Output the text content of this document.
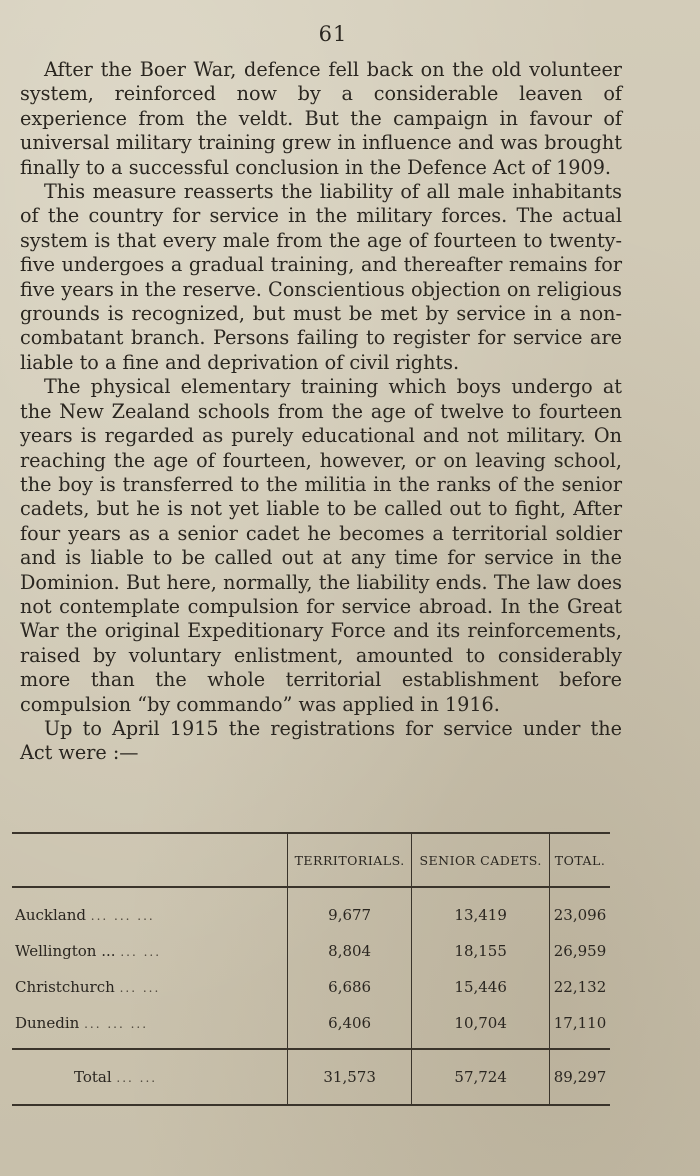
61

After the Boer War, defence fell back on the old volunteer system, reinforced now by a considerable leaven of experience from the veldt. But the campaign in favour of universal military training grew in influence and was brought finally to a successful conclusion in the Defence Act of 1909.

This measure reasserts the liability of all male inhabitants of the country for service in the military forces. The actual system is that every male from the age of fourteen to twenty-five undergoes a gradual training, and thereafter remains for five years in the reserve. Conscientious objection on religious grounds is recognized, but must be met by service in a non-combatant branch. Persons failing to register for service are liable to a fine and deprivation of civil rights.

The physical elementary training which boys undergo at the New Zealand schools from the age of twelve to fourteen years is regarded as purely educational and not military. On reaching the age of fourteen, however, or on leaving school, the boy is transferred to the militia in the ranks of the senior cadets, but he is not yet liable to be called out to fight, After four years as a senior cadet he becomes a territorial soldier and is liable to be called out at any time for service in the Dominion. But here, normally, the liability ends. The law does not contemplate compulsion for service abroad. In the Great War the original Expeditionary Force and its reinforcements, raised by voluntary enlistment, amounted to considerably more than the whole territorial establishment before compulsion “by commando” was applied in 1916.

Up to April 1915 the registrations for service under the Act were :—

	TERRITORIALS.	SENIOR CADETS.	TOTAL.
Auckland ... ... ...	9,677	13,419	23,096
Wellington ... ... ...	8,804	18,155	26,959
Christchurch ... ...	6,686	15,446	22,132
Dunedin ... ... ...	6,406	10,704	17,110
Total ... ...	31,573	57,724	89,297
